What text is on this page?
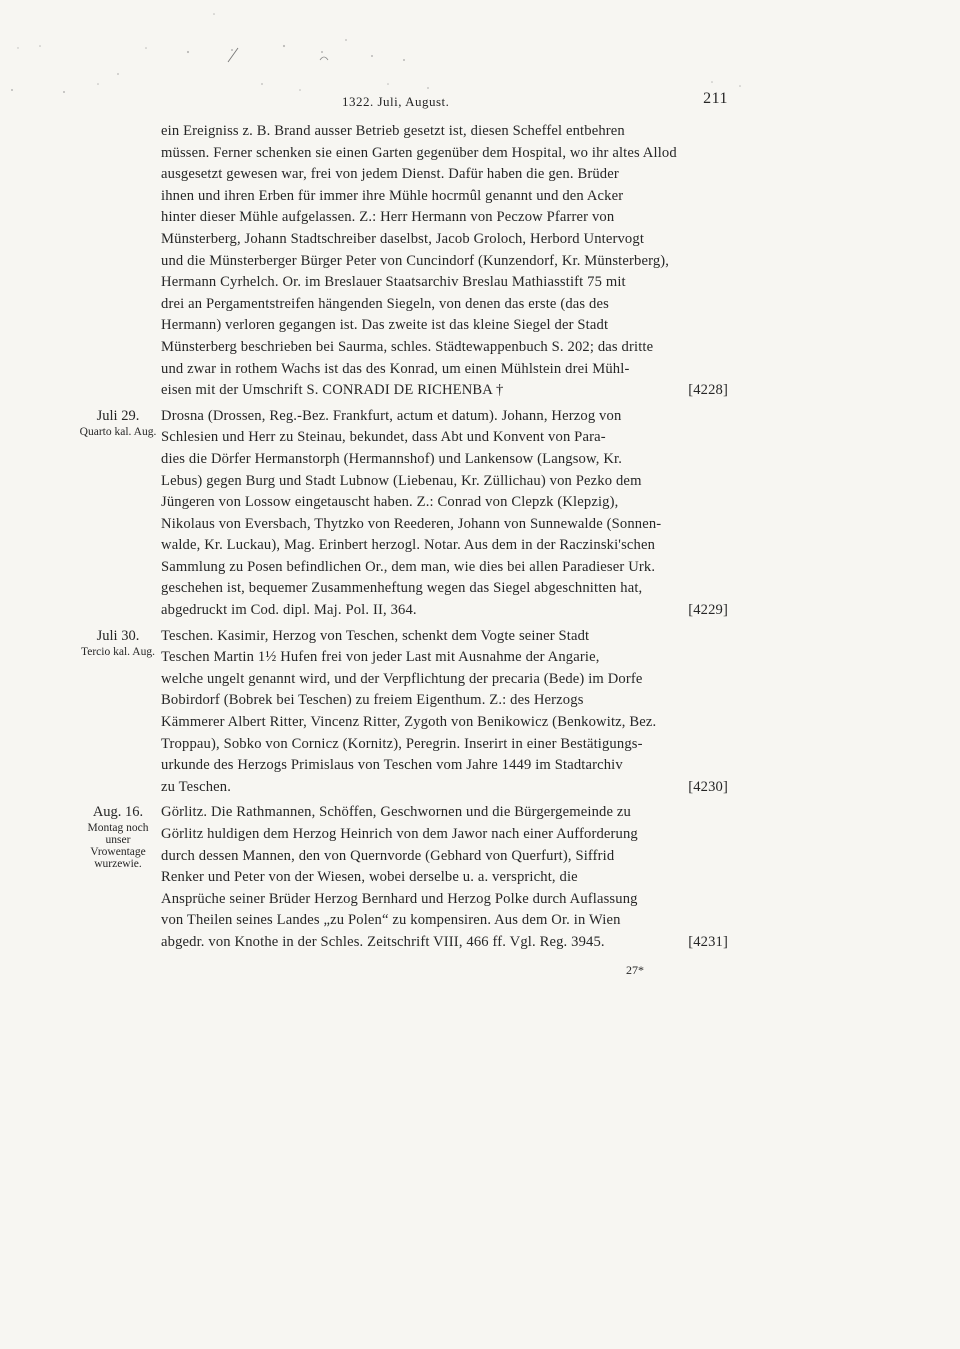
1322. Juli, August.	211
ein Ereigniss z. B. Brand ausser Betrieb gesetzt ist, diesen Scheffel entbehren
müssen. Ferner schenken sie einen Garten gegenüber dem Hospital, wo ihr altes Allod
ausgesetzt gewesen war, frei von jedem Dienst. Dafür haben die gen. Brüder
ihnen und ihren Erben für immer ihre Mühle hocrmûl genannt und den Acker
hinter dieser Mühle aufgelassen. Z.: Herr Hermann von Peczow Pfarrer von
Münsterberg, Johann Stadtschreiber daselbst, Jacob Groloch, Herbord Untervogt
und die Münsterberger Bürger Peter von Cuncindorf (Kunzendorf, Kr. Münsterberg),
Hermann Cyrhelch. Or. im Breslauer Staatsarchiv Breslau Mathiasstift 75 mit
drei an Pergamentstreifen hängenden Siegeln, von denen das erste (das des
Hermann) verloren gegangen ist. Das zweite ist das kleine Siegel der Stadt
Münsterberg beschrieben bei Saurma, schles. Städtewappenbuch S. 202; das dritte
und zwar in rothem Wachs ist das des Konrad, um einen Mühlstein drei Mühl-
eisen mit der Umschrift S. CONRADI DE RICHENBA †	[4228]
Juli 29.
Quarto kal. Aug.
Drosna (Drossen, Reg.-Bez. Frankfurt, actum et datum). Johann, Herzog von
Schlesien und Herr zu Steinau, bekundet, dass Abt und Konvent von Para-
dies die Dörfer Hermanstorph (Hermannshof) und Lankensow (Langsow, Kr.
Lebus) gegen Burg und Stadt Lubnow (Liebenau, Kr. Züllichau) von Pezko dem
Jüngeren von Lossow eingetauscht haben. Z.: Conrad von Clepzk (Klepzig),
Nikolaus von Eversbach, Thytzko von Reederen, Johann von Sunnewalde (Sonnen-
walde, Kr. Luckau), Mag. Erinbert herzogl. Notar. Aus dem in der Raczinski'schen
Sammlung zu Posen befindlichen Or., dem man, wie dies bei allen Paradieser Urk.
geschehen ist, bequemer Zusammenheftung wegen das Siegel abgeschnitten hat,
abgedruckt im Cod. dipl. Maj. Pol. II, 364.	[4229]
Juli 30.
Tercio kal. Aug.
Teschen. Kasimir, Herzog von Teschen, schenkt dem Vogte seiner Stadt
Teschen Martin 1½ Hufen frei von jeder Last mit Ausnahme der Angarie,
welche ungelt genannt wird, und der Verpflichtung der precaria (Bede) im Dorfe
Bobirdorf (Bobrek bei Teschen) zu freiem Eigenthum. Z.: des Herzogs
Kämmerer Albert Ritter, Vincenz Ritter, Zygoth von Benikowicz (Benkowitz, Bez.
Troppau), Sobko von Cornicz (Kornitz), Peregrin. Inserirt in einer Bestätigungs-
urkunde des Herzogs Primislaus von Teschen vom Jahre 1449 im Stadtarchiv
zu Teschen.	[4230]
Aug. 16.
Montag noch unser Vrowentage wurzewie.
Görlitz. Die Rathmannen, Schöffen, Geschwornen und die Bürgergemeinde zu
Görlitz huldigen dem Herzog Heinrich von dem Jawor nach einer Aufforderung
durch dessen Mannen, den von Quernvorde (Gebhard von Querfurt), Siffrid
Renker und Peter von der Wiesen, wobei derselbe u. a. verspricht, die
Ansprüche seiner Brüder Herzog Bernhard und Herzog Polke durch Auflassung
von Theilen seines Landes „zu Polen“ zu kompensiren. Aus dem Or. in Wien
abgedr. von Knothe in der Schles. Zeitschrift VIII, 466 ff. Vgl. Reg. 3945.	[4231]
27*
